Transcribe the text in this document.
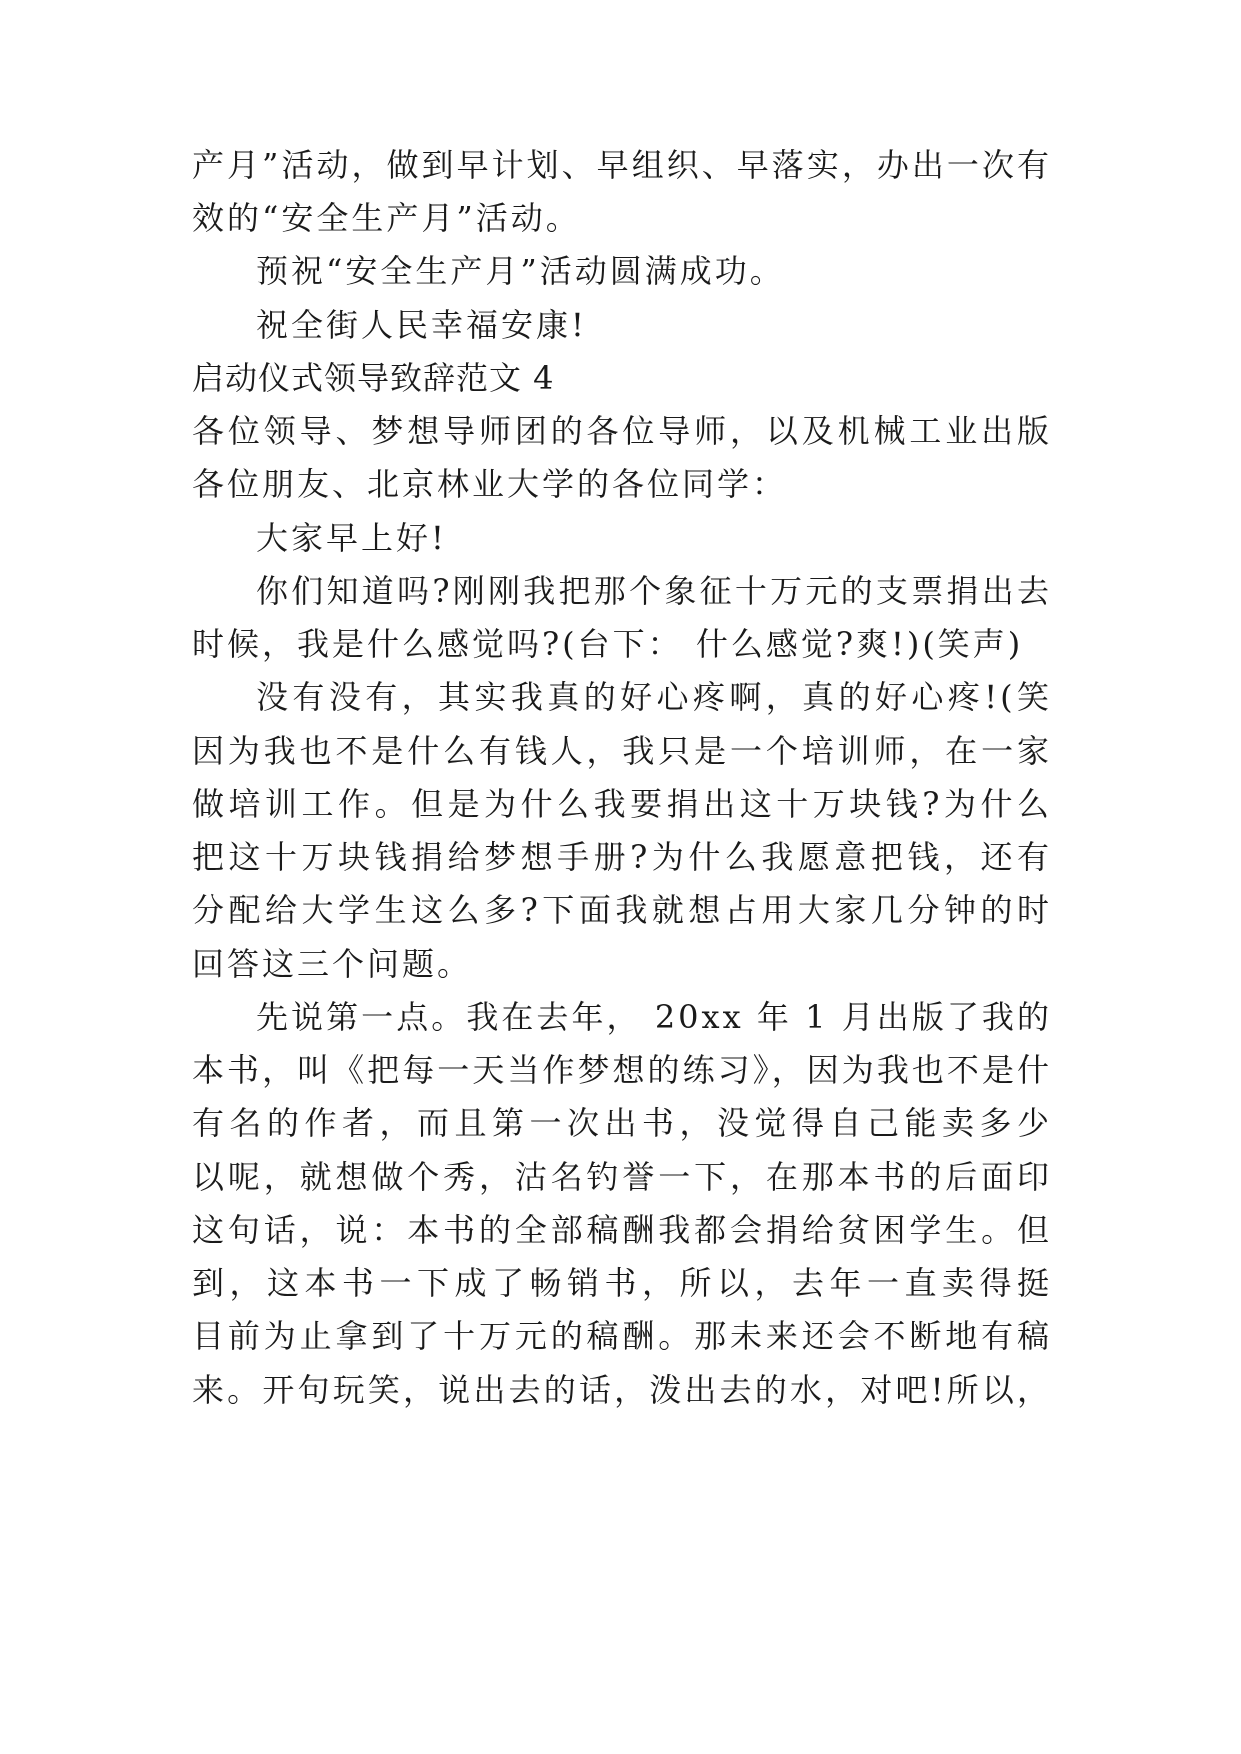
产月”活动，做到早计划、早组织、早落实，办出一次有
效的“安全生产月”活动。
预祝“安全生产月”活动圆满成功。
祝全街人民幸福安康!
启动仪式领导致辞范文 4
各位领导、梦想导师团的各位导师，以及机械工业出版
各位朋友、北京林业大学的各位同学：
大家早上好!
你们知道吗?刚刚我把那个象征十万元的支票捐出去
时候，我是什么感觉吗?(台下： 什么感觉?爽!)(笑声)
没有没有，其实我真的好心疼啊，真的好心疼!(笑
因为我也不是什么有钱人，我只是一个培训师，在一家
做培训工作。但是为什么我要捐出这十万块钱?为什么
把这十万块钱捐给梦想手册?为什么我愿意把钱，还有
分配给大学生这么多?下面我就想占用大家几分钟的时
回答这三个问题。
先说第一点。我在去年， 20xx 年 1 月出版了我的
本书，叫《把每一天当作梦想的练习》，因为我也不是什
有名的作者，而且第一次出书，没觉得自己能卖多少
以呢，就想做个秀，沽名钓誉一下，在那本书的后面印
这句话，说：本书的全部稿酬我都会捐给贫困学生。但
到，这本书一下成了畅销书，所以，去年一直卖得挺
目前为止拿到了十万元的稿酬。那未来还会不断地有稿
来。开句玩笑，说出去的话，泼出去的水，对吧!所以，
